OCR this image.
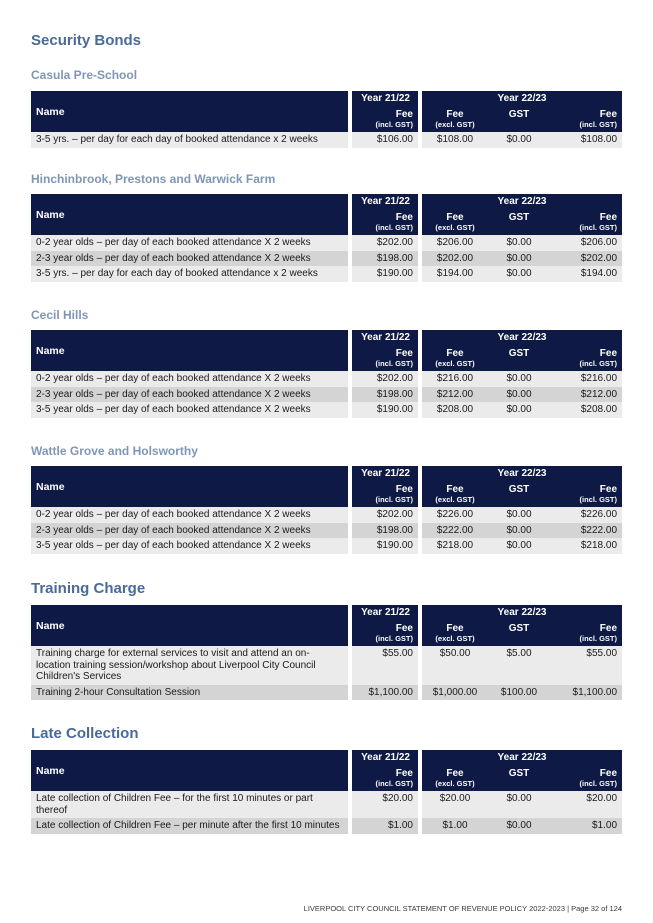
Security Bonds
Casula Pre-School
Name		Year 21/22		Year 22/23		
		Fee		Fee	GST	Fee
		(incl. GST)		(excl. GST)		(incl. GST)
3-5 yrs. – per day for each day of booked attendance x 2 weeks		$106.00		$108.00	$0.00	$108.00
Hinchinbrook, Prestons and Warwick Farm
Name		Year 21/22		Year 22/23		
		Fee		Fee	GST	Fee
		(incl. GST)		(excl. GST)		(incl. GST)
0-2 year olds – per day of each booked attendance X 2 weeks		$202.00		$206.00	$0.00	$206.00
2-3 year olds – per day of each booked attendance X 2 weeks		$198.00		$202.00	$0.00	$202.00
3-5 yrs. – per day for each day of booked attendance x 2 weeks		$190.00		$194.00	$0.00	$194.00
Cecil Hills
Name		Year 21/22		Year 22/23		
		Fee		Fee	GST	Fee
		(incl. GST)		(excl. GST)		(incl. GST)
0-2 year olds – per day of each booked attendance X 2 weeks		$202.00		$216.00	$0.00	$216.00
2-3 year olds – per day of each booked attendance X 2 weeks		$198.00		$212.00	$0.00	$212.00
3-5 year olds – per day of each booked attendance X 2 weeks		$190.00		$208.00	$0.00	$208.00
Wattle Grove and Holsworthy
Name		Year 21/22		Year 22/23		
		Fee		Fee	GST	Fee
		(incl. GST)		(excl. GST)		(incl. GST)
0-2 year olds – per day of each booked attendance X 2 weeks		$202.00		$226.00	$0.00	$226.00
2-3 year olds – per day of each booked attendance X 2 weeks		$198.00		$222.00	$0.00	$222.00
3-5 year olds – per day of each booked attendance X 2 weeks		$190.00		$218.00	$0.00	$218.00
Training Charge
Name		Year 21/22		Year 22/23		
		Fee		Fee	GST	Fee
		(incl. GST)		(excl. GST)		(incl. GST)
Training charge for external services to visit and attend an on-location training session/workshop about Liverpool City Council Children's Services		$55.00		$50.00	$5.00	$55.00
Training 2-hour Consultation Session		$1,100.00		$1,000.00	$100.00	$1,100.00
Late Collection
Name		Year 21/22		Year 22/23		
		Fee		Fee	GST	Fee
		(incl. GST)		(excl. GST)		(incl. GST)
Late collection of Children Fee – for the first 10 minutes or part thereof		$20.00		$20.00	$0.00	$20.00
Late collection of Children Fee – per minute after the first 10 minutes		$1.00		$1.00	$0.00	$1.00
LIVERPOOL CITY COUNCIL STATEMENT OF REVENUE POLICY 2022-2023 | Page 32 of 124
